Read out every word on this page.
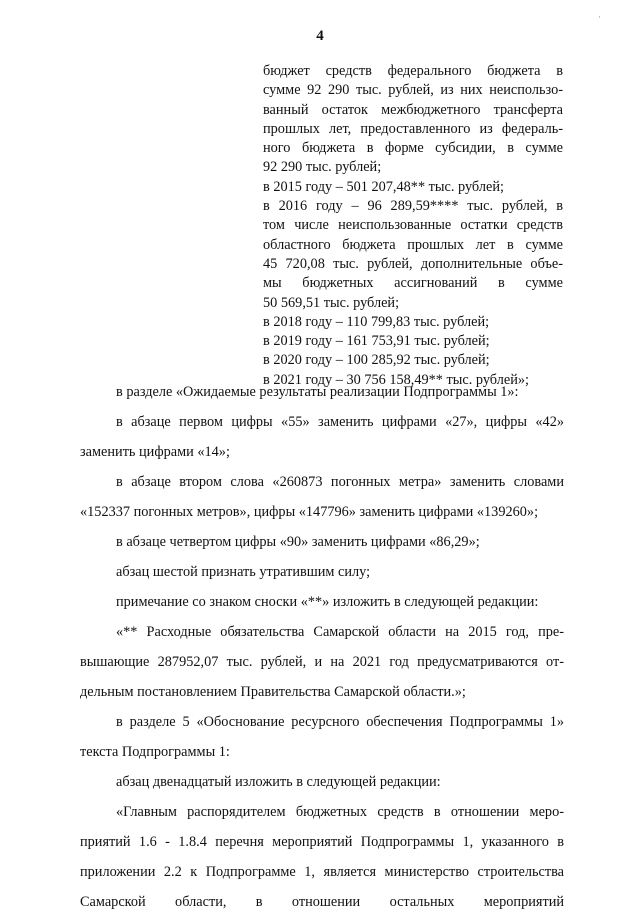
4
бюджет средств федерального бюджета в
сумме 92 290 тыс. рублей, из них неиспользо-
ванный остаток межбюджетного трансферта
прошлых лет, предоставленного из федераль-
ного бюджета в форме субсидии, в сумме
92 290 тыс. рублей;
в 2015 году – 501 207,48** тыс. рублей;
в 2016 году – 96 289,59**** тыс. рублей, в
том числе неиспользованные остатки средств
областного бюджета прошлых лет в сумме
45 720,08 тыс. рублей, дополнительные объе-
мы бюджетных ассигнований в сумме
50 569,51 тыс. рублей;
в 2018 году – 110 799,83 тыс. рублей;
в 2019 году – 161 753,91 тыс. рублей;
в 2020 году – 100 285,92 тыс. рублей;
в 2021 году – 30 756 158,49** тыс. рублей»;

в разделе «Ожидаемые результаты реализации Подпрограммы 1»:

в абзаце первом цифры «55» заменить цифрами «27», цифры «42» заменить цифрами «14»;

в абзаце втором слова «260873 погонных метра» заменить словами «152337 погонных метров», цифры «147796» заменить цифрами «139260»;

в абзаце четвертом цифры «90» заменить цифрами «86,29»;

абзац шестой признать утратившим силу;

примечание со знаком сноски «**» изложить в следующей редакции:

«** Расходные обязательства Самарской области на 2015 год, превышающие 287952,07 тыс. рублей, и на 2021 год предусматриваются отдельным постановлением Правительства Самарской области.»;

в разделе 5 «Обоснование ресурсного обеспечения Подпрограммы 1» текста Подпрограммы 1:

абзац двенадцатый изложить в следующей редакции:

«Главным распорядителем бюджетных средств в отношении мероприятий 1.6 - 1.8.4 перечня мероприятий Подпрограммы 1, указанного в приложении 2.2 к Подпрограмме 1, является министерство строительства Самарской области, в отношении остальных мероприятий

·
